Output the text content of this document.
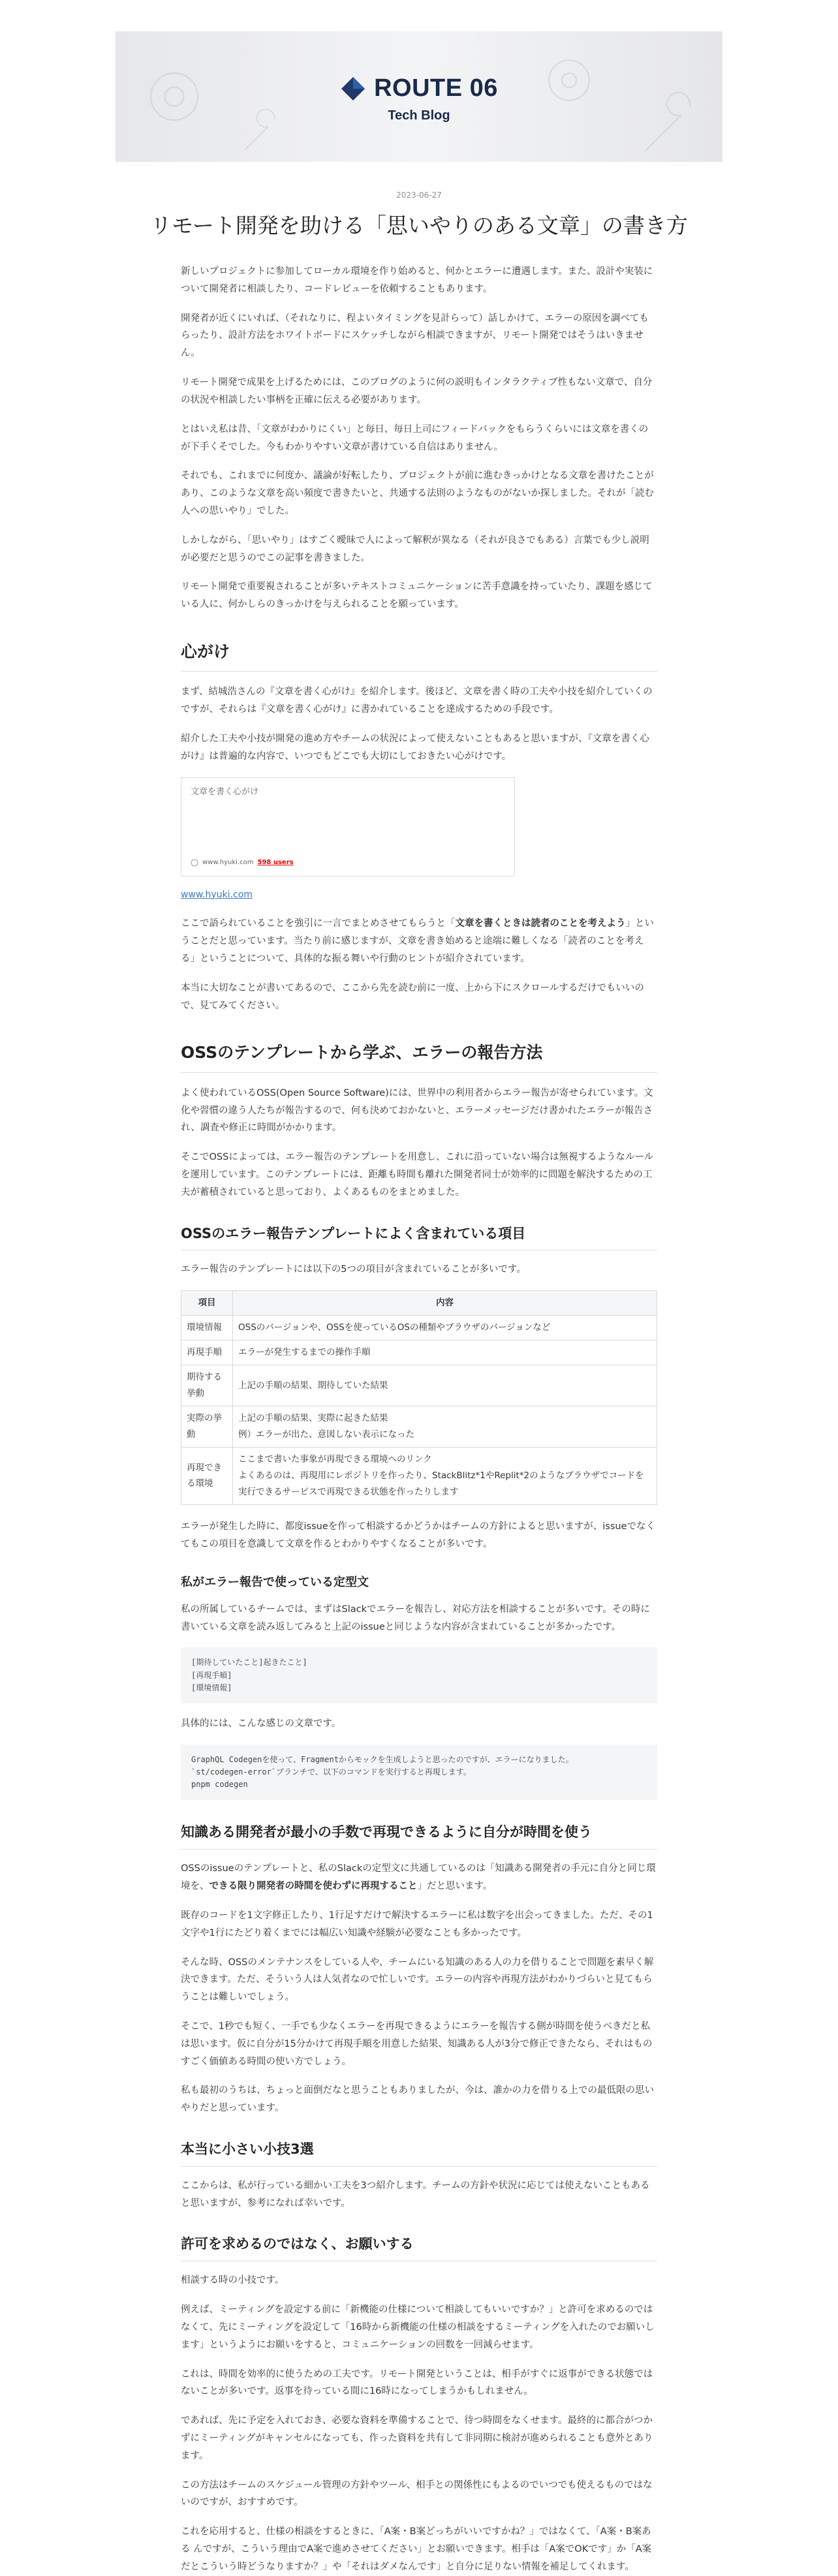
ROUTE 06
Tech Blog
2023-06-27
リモート開発を助ける「思いやりのある文章」の書き方

新しいプロジェクトに参加してローカル環境を作り始めると、何かとエラーに遭遇します。また、設計や実装について開発者に相談したり、コードレビューを依頼することもあります。

開発者が近くにいれば、（それなりに、程よいタイミングを見計らって）話しかけて、エラーの原因を調べてもらったり、設計方法をホワイトボードにスケッチしながら相談できますが、リモート開発ではそうはいきません。

リモート開発で成果を上げるためには、このブログのように何の説明もインタラクティブ性もない文章で、自分の状況や相談したい事柄を正確に伝える必要があります。

とはいえ私は昔、「文章がわかりにくい」と毎日、毎日上司にフィードバックをもらうくらいには文章を書くのが下手くそでした。今もわかりやすい文章が書けている自信はありません。

それでも、これまでに何度か、議論が好転したり、プロジェクトが前に進むきっかけとなる文章を書けたことがあり、このような文章を高い頻度で書きたいと、共通する法則のようなものがないか探しました。それが「読む人への思いやり」でした。

しかしながら、「思いやり」はすごく曖昧で人によって解釈が異なる（それが良さでもある）言葉でも少し説明が必要だと思うのでこの記事を書きました。

リモート開発で重要視されることが多いテキストコミュニケーションに苦手意識を持っていたり、課題を感じている人に、何かしらのきっかけを与えられることを願っています。

心がけ

まず、結城浩さんの『文章を書く心がけ』を紹介します。後ほど、文章を書く時の工夫や小技を紹介していくのですが、それらは『文章を書く心がけ』に書かれていることを達成するための手段です。

紹介した工夫や小技が開発の進め方やチームの状況によって使えないこともあると思いますが、『文章を書く心がけ』は普遍的な内容で、いつでもどこでも大切にしておきたい心がけです。

文章を書く心がけ
www.hyuki.com 598 users
www.hyuki.com

ここで語られていることを強引に一言でまとめさせてもらうと「文章を書くときは読者のことを考えよう」ということだと思っています。当たり前に感じますが、文章を書き始めると途端に難しくなる「読者のことを考える」ということについて、具体的な振る舞いや行動のヒントが紹介されています。

本当に大切なことが書いてあるので、ここから先を読む前に一度、上から下にスクロールするだけでもいいので、見てみてください。

OSSのテンプレートから学ぶ、エラーの報告方法

よく使われているOSS(Open Source Software)には、世界中の利用者からエラー報告が寄せられています。文化や習慣の違う人たちが報告するので、何も決めておかないと、エラーメッセージだけ書かれたエラーが報告され、調査や修正に時間がかかります。

そこでOSSによっては、エラー報告のテンプレートを用意し、これに沿っていない場合は無視するようなルールを運用しています。このテンプレートには、距離も時間も離れた開発者同士が効率的に問題を解決するための工夫が蓄積されていると思っており、よくあるものをまとめました。

OSSのエラー報告テンプレートによく含まれている項目

エラー報告のテンプレートには以下の5つの項目が含まれていることが多いです。

項目	内容
環境情報	OSSのバージョンや、OSSを使っているOSの種類やブラウザのバージョンなど
再現手順	エラーが発生するまでの操作手順
期待する挙動	上記の手順の結果、期待していた結果
実際の挙動	上記の手順の結果、実際に起きた結果
例）エラーが出た、意図しない表示になった
再現できる環境	ここまで書いた事象が再現できる環境へのリンク
よくあるのは、再現用にレポジトリを作ったり、StackBlitz*1やReplit*2のようなブラウザでコードを実行できるサービスで再現できる状態を作ったりします

エラーが発生した時に、都度issueを作って相談するかどうかはチームの方針によると思いますが、issueでなくてもこの項目を意識して文章を作るとわかりやすくなることが多いです。

私がエラー報告で使っている定型文

私の所属しているチームでは、まずはSlackでエラーを報告し、対応方法を相談することが多いです。その時に書いている文章を読み返してみると上記のissueと同じような内容が含まれていることが多かったです。

[期待していたこと]起きたこと]
[再現手順]
[環境情報]

具体的には、こんな感じの文章です。

GraphQL Codegenを使って、Fragmentからモックを生成しようと思ったのですが、エラーになりました。
`st/codegen-error`ブランチで、以下のコマンドを実行すると再現します。
pnpm codegen
知識ある開発者が最小の手数で再現できるように自分が時間を使う

OSSのissueのテンプレートと、私のSlackの定型文に共通しているのは「知識ある開発者の手元に自分と同じ環境を、できる限り開発者の時間を使わずに再現すること」だと思います。

既存のコードを1文字修正したり、1行足すだけで解決するエラーに私は数字を出会ってきました。ただ、その1文字や1行にたどり着くまでには幅広い知識や経験が必要なことも多かったです。

そんな時、OSSのメンテナンスをしている人や、チームにいる知識のある人の力を借りることで問題を素早く解決できます。ただ、そういう人は人気者なので忙しいです。エラーの内容や再現方法がわかりづらいと見てもらうことは難しいでしょう。

そこで、1秒でも短く、一手でも少なくエラーを再現できるようにエラーを報告する側が時間を使うべきだと私は思います。仮に自分が15分かけて再現手順を用意した結果、知識ある人が3分で修正できたなら、それはものすごく価値ある時間の使い方でしょう。

私も最初のうちは、ちょっと面倒だなと思うこともありましたが、今は、誰かの力を借りる上での最低限の思いやりだと思っています。

本当に小さい小技3選

ここからは、私が行っている細かい工夫を3つ紹介します。チームの方針や状況に応じては使えないこともあると思いますが、参考になれば幸いです。

許可を求めるのではなく、お願いする

相談する時の小技です。

例えば、ミーティングを設定する前に「新機能の仕様について相談してもいいですか？」と許可を求めるのではなくて、先にミーティングを設定して「16時から新機能の仕様の相談をするミーティングを入れたのでお願いします」というようにお願いをすると、コミュニケーションの回数を一回減らせます。

これは、時間を効率的に使うための工夫です。リモート開発ということは、相手がすぐに返事ができる状態ではないことが多いです。返事を待っている間に16時になってしまうかもしれません。

であれば、先に予定を入れておき、必要な資料を準備することで、待つ時間をなくせます。最終的に都合がつかずにミーティングがキャンセルになっても、作った資料を共有して非同期に検討が進められることも意外とあります。

この方法はチームのスケジュール管理の方針やツール、相手との関係性にもよるのでいつでも使えるものではないのですが、おすすめです。

これを応用すると、仕様の相談をするときに、「A案・B案どっちがいいですかね？」ではなくて、「A案・B案ある んですが、こういう理由でA案で進めさせてください」とお願いできます。相手は「A案でOKです」か「A案だとこういう時どうなりますか？」や「それはダメなんです」と自分に足りない情報を補足してくれます。
